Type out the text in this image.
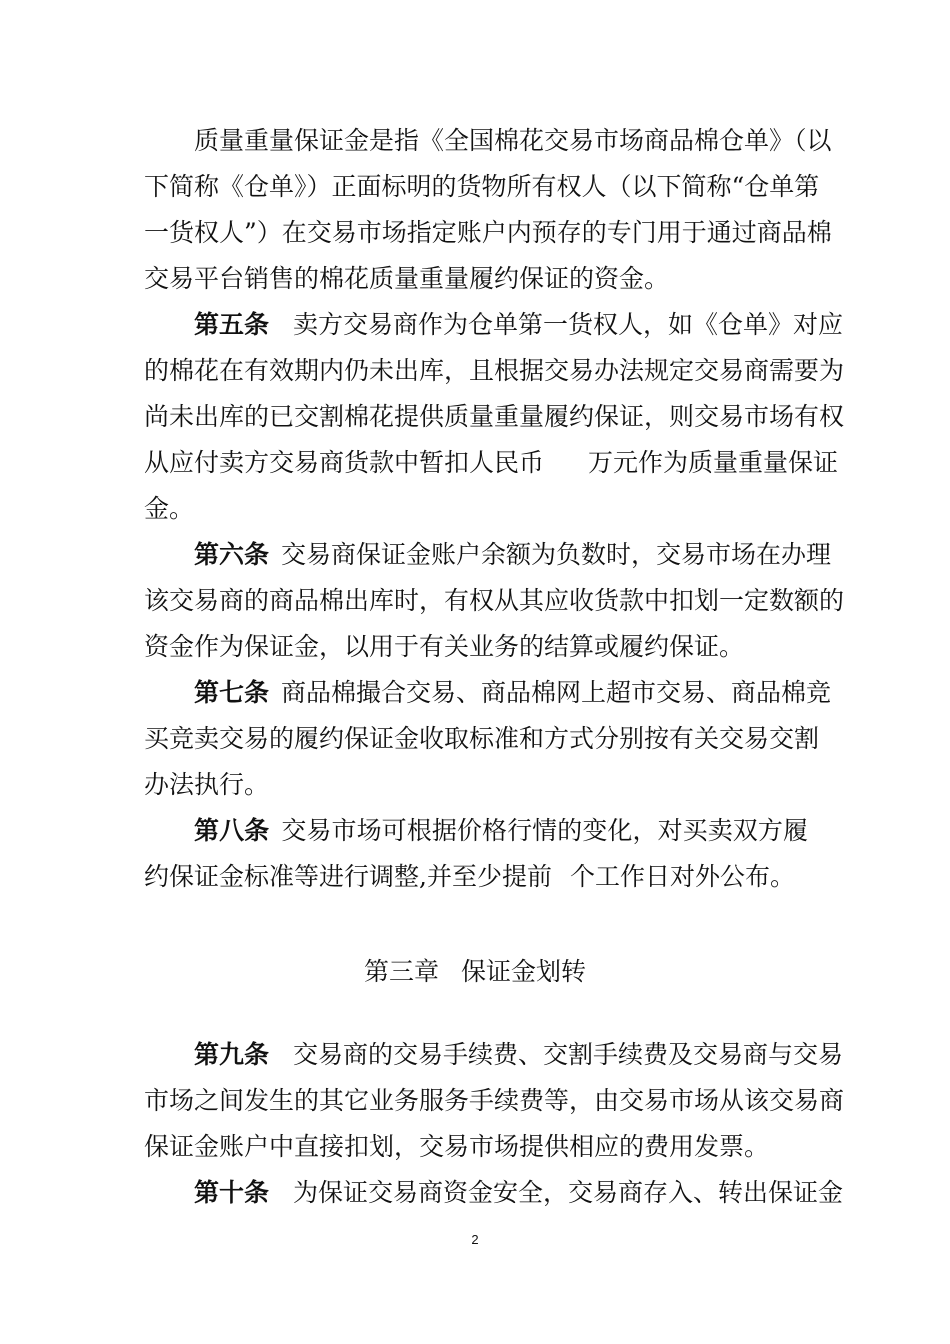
质量重量保证金是指《全国棉花交易市场商品棉仓单》（以
下简称《仓单》）正面标明的货物所有权人（以下简称“仓单第
一货权人”）在交易市场指定账户内预存的专门用于通过商品棉
交易平台销售的棉花质量重量履约保证的资金。
第五条 卖方交易商作为仓单第一货权人，如《仓单》对应
的棉花在有效期内仍未出库，且根据交易办法规定交易商需要为
尚未出库的已交割棉花提供质量重量履约保证，则交易市场有权
从应付卖方交易商货款中暂扣人民币 万元作为质量重量保证
金。
第六条 交易商保证金账户余额为负数时，交易市场在办理
该交易商的商品棉出库时，有权从其应收货款中扣划一定数额的
资金作为保证金，以用于有关业务的结算或履约保证。
第七条 商品棉撮合交易、商品棉网上超市交易、商品棉竞
买竞卖交易的履约保证金收取标准和方式分别按有关交易交割
办法执行。
第八条 交易市场可根据价格行情的变化，对买卖双方履
约保证金标准等进行调整,并至少提前 个工作日对外公布。
第三章 保证金划转
第九条 交易商的交易手续费、交割手续费及交易商与交易
市场之间发生的其它业务服务手续费等，由交易市场从该交易商
保证金账户中直接扣划，交易市场提供相应的费用发票。
第十条 为保证交易商资金安全，交易商存入、转出保证金
2
